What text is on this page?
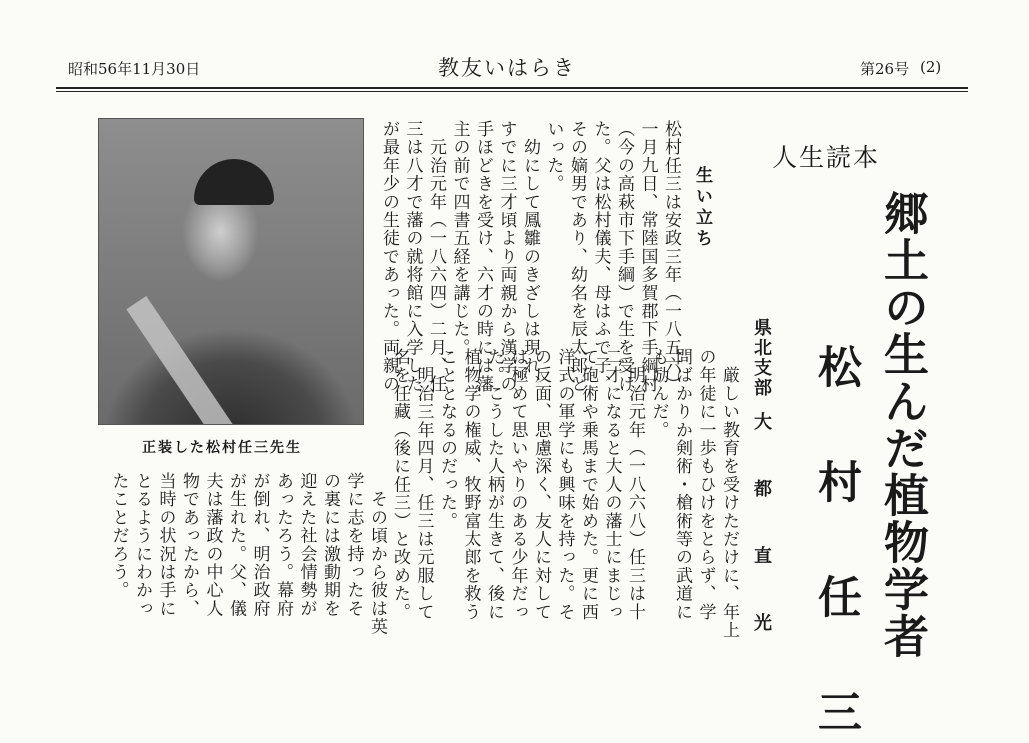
昭和56年11月30日	教友いはらき	第26号 (2)
正装した松村任三先生
松村任三は安政三年（一八五六）
一月九日、常陸国多賀郡下手綱村
（今の高萩市下手綱）で生を受け
た。父は松村儀夫、母はふで子、
その嫡男であり、幼名を辰太郎と
いった。
　幼にして鳳雛のきざしは現れ、
すでに三才頃より両親から漢学の
手ほどきを受け、六才の時には藩
主の前で四書五経を講じた。
　元治元年（一八六四）二月、任
三は八才で藩の就将館に入学した
が最年少の生徒であった。両親の
　厳しい教育を受けただけに、年上
の年徒に一歩もひけをとらず、学
問ばかりか剣術・槍術等の武道に
も励んだ。
　明治元年（一八六八）任三は十
二才になると大人の藩士にまじっ
て砲術や乗馬まで始めた。更に西
洋式の軍学にも興味を持った。そ
の反面、思慮深く、友人に対して
は極めて思いやりのある少年だっ
た。こうした人柄が生きて、後に
植物学の権威、牧野富太郎を救う
こととなるのだった。
　明治三年四月、任三は元服して
名を任藏（後に任三）と改めた。
　その頃から彼は英
学に志を持ったそ
の裏には激動期を
迎えた社会情勢が
あったろう。幕府
が倒れ、明治政府
が生れた。父、儀
夫は藩政の中心人
物であったから、
当時の状況は手に
とるようにわかっ
たことだろう。
生い立ち
人生読本
郷土の生んだ植物学者
松 村 任 三
県北支部
大 都 直 光
